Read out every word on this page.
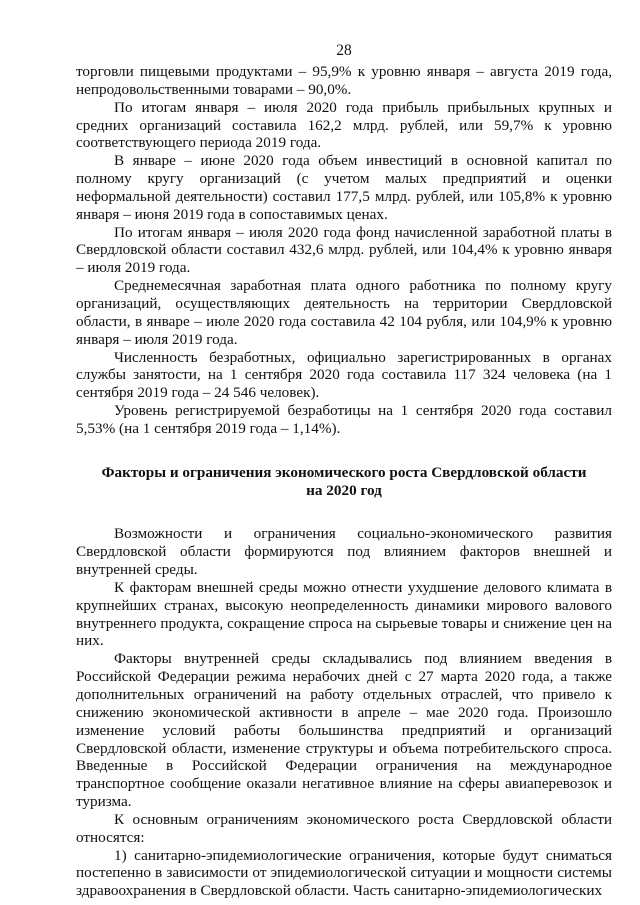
28

торговли пищевыми продуктами – 95,9% к уровню января – августа 2019 года, непродовольственными товарами – 90,0%.

По итогам января – июля 2020 года прибыль прибыльных крупных и средних организаций составила 162,2 млрд. рублей, или 59,7% к уровню соответствующего периода 2019 года.

В январе – июне 2020 года объем инвестиций в основной капитал по полному кругу организаций (с учетом малых предприятий и оценки неформальной деятельности) составил 177,5 млрд. рублей, или 105,8% к уровню января – июня 2019 года в сопоставимых ценах.

По итогам января – июля 2020 года фонд начисленной заработной платы в Свердловской области составил 432,6 млрд. рублей, или 104,4% к уровню января – июля 2019 года.

Среднемесячная заработная плата одного работника по полному кругу организаций, осуществляющих деятельность на территории Свердловской области, в январе – июле 2020 года составила 42 104 рубля, или 104,9% к уровню января – июля 2019 года.

Численность безработных, официально зарегистрированных в органах службы занятости, на 1 сентября 2020 года составила 117 324 человека (на 1 сентября 2019 года – 24 546 человек).

Уровень регистрируемой безработицы на 1 сентября 2020 года составил 5,53% (на 1 сентября 2019 года – 1,14%).

Факторы и ограничения экономического роста Свердловской области
на 2020 год

Возможности и ограничения социально-экономического развития Свердловской области формируются под влиянием факторов внешней и внутренней среды.

К факторам внешней среды можно отнести ухудшение делового климата в крупнейших странах, высокую неопределенность динамики мирового валового внутреннего продукта, сокращение спроса на сырьевые товары и снижение цен на них.

Факторы внутренней среды складывались под влиянием введения в Российской Федерации режима нерабочих дней с 27 марта 2020 года, а также дополнительных ограничений на работу отдельных отраслей, что привело к снижению экономической активности в апреле – мае 2020 года. Произошло изменение условий работы большинства предприятий и организаций Свердловской области, изменение структуры и объема потребительского спроса. Введенные в Российской Федерации ограничения на международное транспортное сообщение оказали негативное влияние на сферы авиаперевозок и туризма.

К основным ограничениям экономического роста Свердловской области относятся:

1) санитарно-эпидемиологические ограничения, которые будут сниматься постепенно в зависимости от эпидемиологической ситуации и мощности системы здравоохранения в Свердловской области. Часть санитарно-эпидемиологических
